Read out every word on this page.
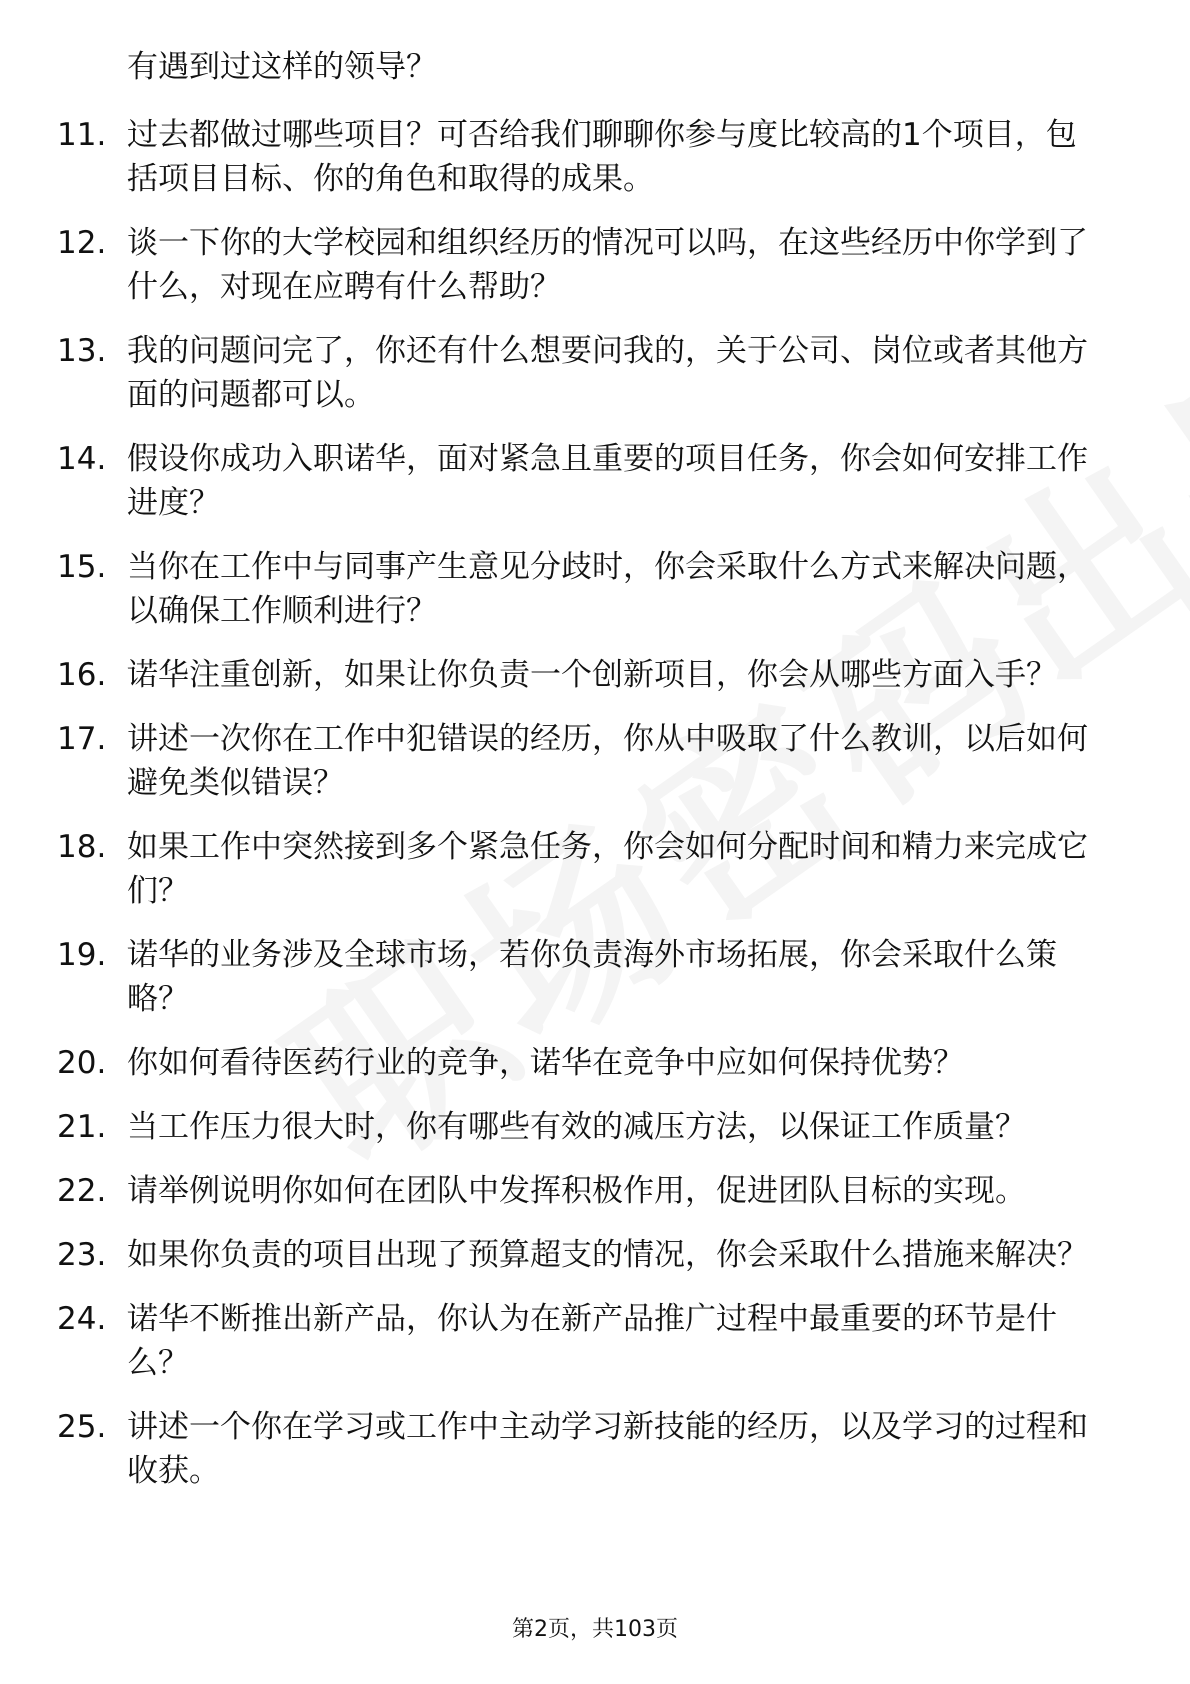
有遇到过这样的领导？
11. 过去都做过哪些项目？可否给我们聊聊你参与度比较高的1个项目，包括项目目标、你的角色和取得的成果。
12. 谈一下你的大学校园和组织经历的情况可以吗，在这些经历中你学到了什么，对现在应聘有什么帮助？
13. 我的问题问完了，你还有什么想要问我的，关于公司、岗位或者其他方面的问题都可以。
14. 假设你成功入职诺华，面对紧急且重要的项目任务，你会如何安排工作进度？
15. 当你在工作中与同事产生意见分歧时，你会采取什么方式来解决问题，以确保工作顺利进行？
16. 诺华注重创新，如果让你负责一个创新项目，你会从哪些方面入手？
17. 讲述一次你在工作中犯错误的经历，你从中吸取了什么教训，以后如何避免类似错误？
18. 如果工作中突然接到多个紧急任务，你会如何分配时间和精力来完成它们？
19. 诺华的业务涉及全球市场，若你负责海外市场拓展，你会采取什么策略？
20. 你如何看待医药行业的竞争，诺华在竞争中应如何保持优势？
21. 当工作压力很大时，你有哪些有效的减压方法，以保证工作质量？
22. 请举例说明你如何在团队中发挥积极作用，促进团队目标的实现。
23. 如果你负责的项目出现了预算超支的情况，你会采取什么措施来解决？
24. 诺华不断推出新产品，你认为在新产品推广过程中最重要的环节是什么？
25. 讲述一个你在学习或工作中主动学习新技能的经历，以及学习的过程和收获。
第2页，共103页
